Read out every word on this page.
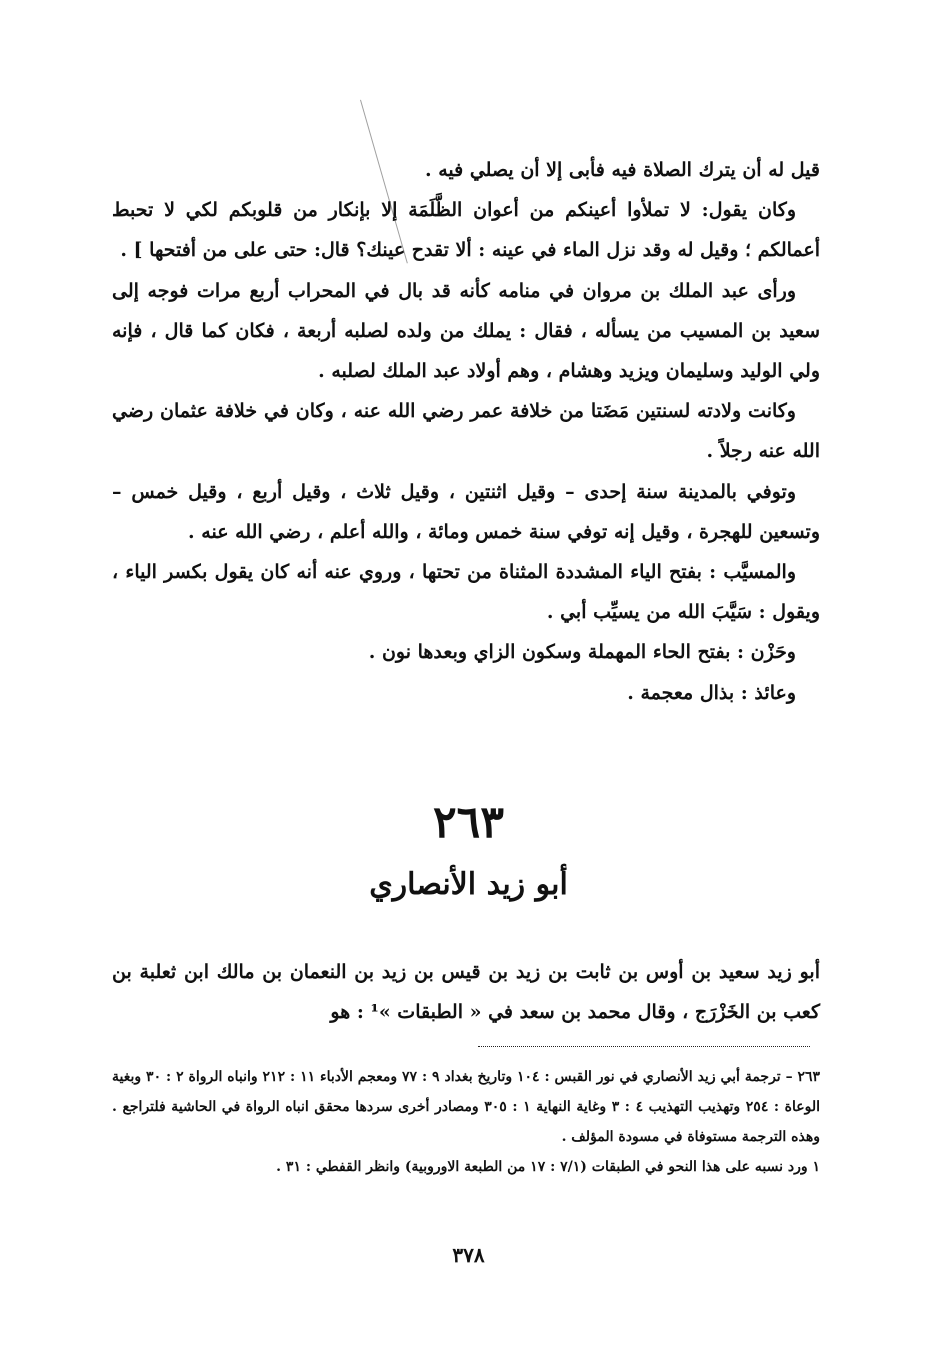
قيل له أن يترك الصلاة فيه فأبى إلا أن يصلي فيه .

وكان يقول: لا تملأوا أعينكم من أعوان الظَّلَمَة إلا بإنكار من قلوبكم لكي لا تحبط أعمالكم ؛ وقيل له وقد نزل الماء في عينه : ألا تقدح عينك؟ قال: حتى على من أفتحها ] .

ورأى عبد الملك بن مروان في منامه كأنه قد بال في المحراب أربع مرات فوجه إلى سعيد بن المسيب من يسأله ، فقال : يملك من ولده لصلبه أربعة ، فكان كما قال ، فإنه ولي الوليد وسليمان ويزيد وهشام ، وهم أولاد عبد الملك لصلبه .

وكانت ولادته لسنتين مَضَتا من خلافة عمر رضي الله عنه ، وكان في خلافة عثمان رضي الله عنه رجلاً .

وتوفي بالمدينة سنة إحدى – وقيل اثنتين ، وقيل ثلاث ، وقيل أربع ، وقيل خمس – وتسعين للهجرة ، وقيل إنه توفي سنة خمس ومائة ، والله أعلم ، رضي الله عنه .

والمسيَّب : بفتح الياء المشددة المثناة من تحتها ، وروي عنه أنه كان يقول بكسر الياء ، ويقول : سَيَّبَ الله من يسيِّب أبي .

وحَزْن : بفتح الحاء المهملة وسكون الزاي وبعدها نون .

وعائذ : بذال معجمة .

٢٦٣
أبو زيد الأنصاري

أبو زيد سعيد بن أوس بن ثابت بن زيد بن قيس بن زيد بن النعمان بن مالك ابن ثعلبة بن كعب بن الخَزْرَج ، وقال محمد بن سعد في « الطبقات »¹ : هو

٢٦٣ – ترجمة أبي زيد الأنصاري في نور القبس : ١٠٤ وتاريخ بغداد ٩ : ٧٧ ومعجم الأدباء ١١ : ٢١٢ وانباه الرواة ٢ : ٣٠ وبغية الوعاة : ٢٥٤ وتهذيب التهذيب ٤ : ٣ وغاية النهاية ١ : ٣٠٥ ومصادر أخرى سردها محقق انباه الرواة في الحاشية فلتراجع . وهذه الترجمة مستوفاة في مسودة المؤلف .

١ ورد نسبه على هذا النحو في الطبقات (٧/١ : ١٧ من الطبعة الاوروبية) وانظر القفطي : ٣١ .

٣٧٨
